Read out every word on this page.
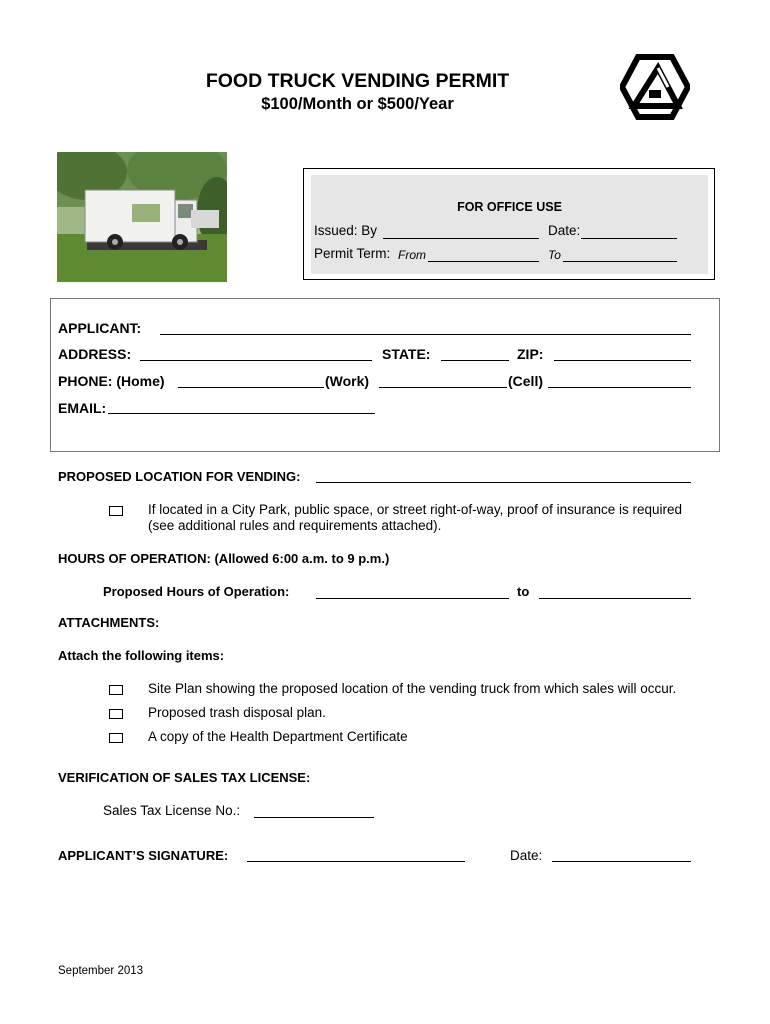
FOOD TRUCK VENDING PERMIT
$100/Month or $500/Year
FOR OFFICE USE
Issued: By	Date:
Permit Term: From	To
APPLICANT:
ADDRESS:	STATE:	ZIP:
PHONE: (Home)	(Work)	(Cell)
EMAIL:
PROPOSED LOCATION FOR VENDING:
If located in a City Park, public space, or street right-of-way, proof of insurance is required
(see additional rules and requirements attached).
HOURS OF OPERATION: (Allowed 6:00 a.m. to 9 p.m.)
Proposed Hours of Operation:	to
ATTACHMENTS:
Attach the following items:
Site Plan showing the proposed location of the vending truck from which sales will occur.
Proposed trash disposal plan.
A copy of the Health Department Certificate
VERIFICATION OF SALES TAX LICENSE:
Sales Tax License No.:
APPLICANT’S SIGNATURE:	Date:
September 2013
